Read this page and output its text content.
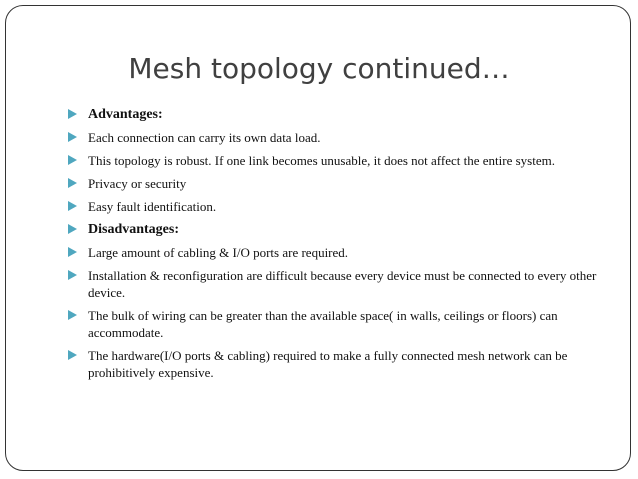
Mesh topology continued…
Advantages:
Each connection can carry its own data load.
This topology is robust. If one link becomes unusable, it does not affect the entire system.
Privacy or security
Easy fault identification.
Disadvantages:
Large amount of cabling & I/O ports are required.
Installation & reconfiguration are difficult because every device must be connected to every other device.
The bulk of wiring can be greater than the available space( in walls, ceilings or floors) can accommodate.
The hardware(I/O ports & cabling) required to make a fully connected mesh network can be prohibitively expensive.
